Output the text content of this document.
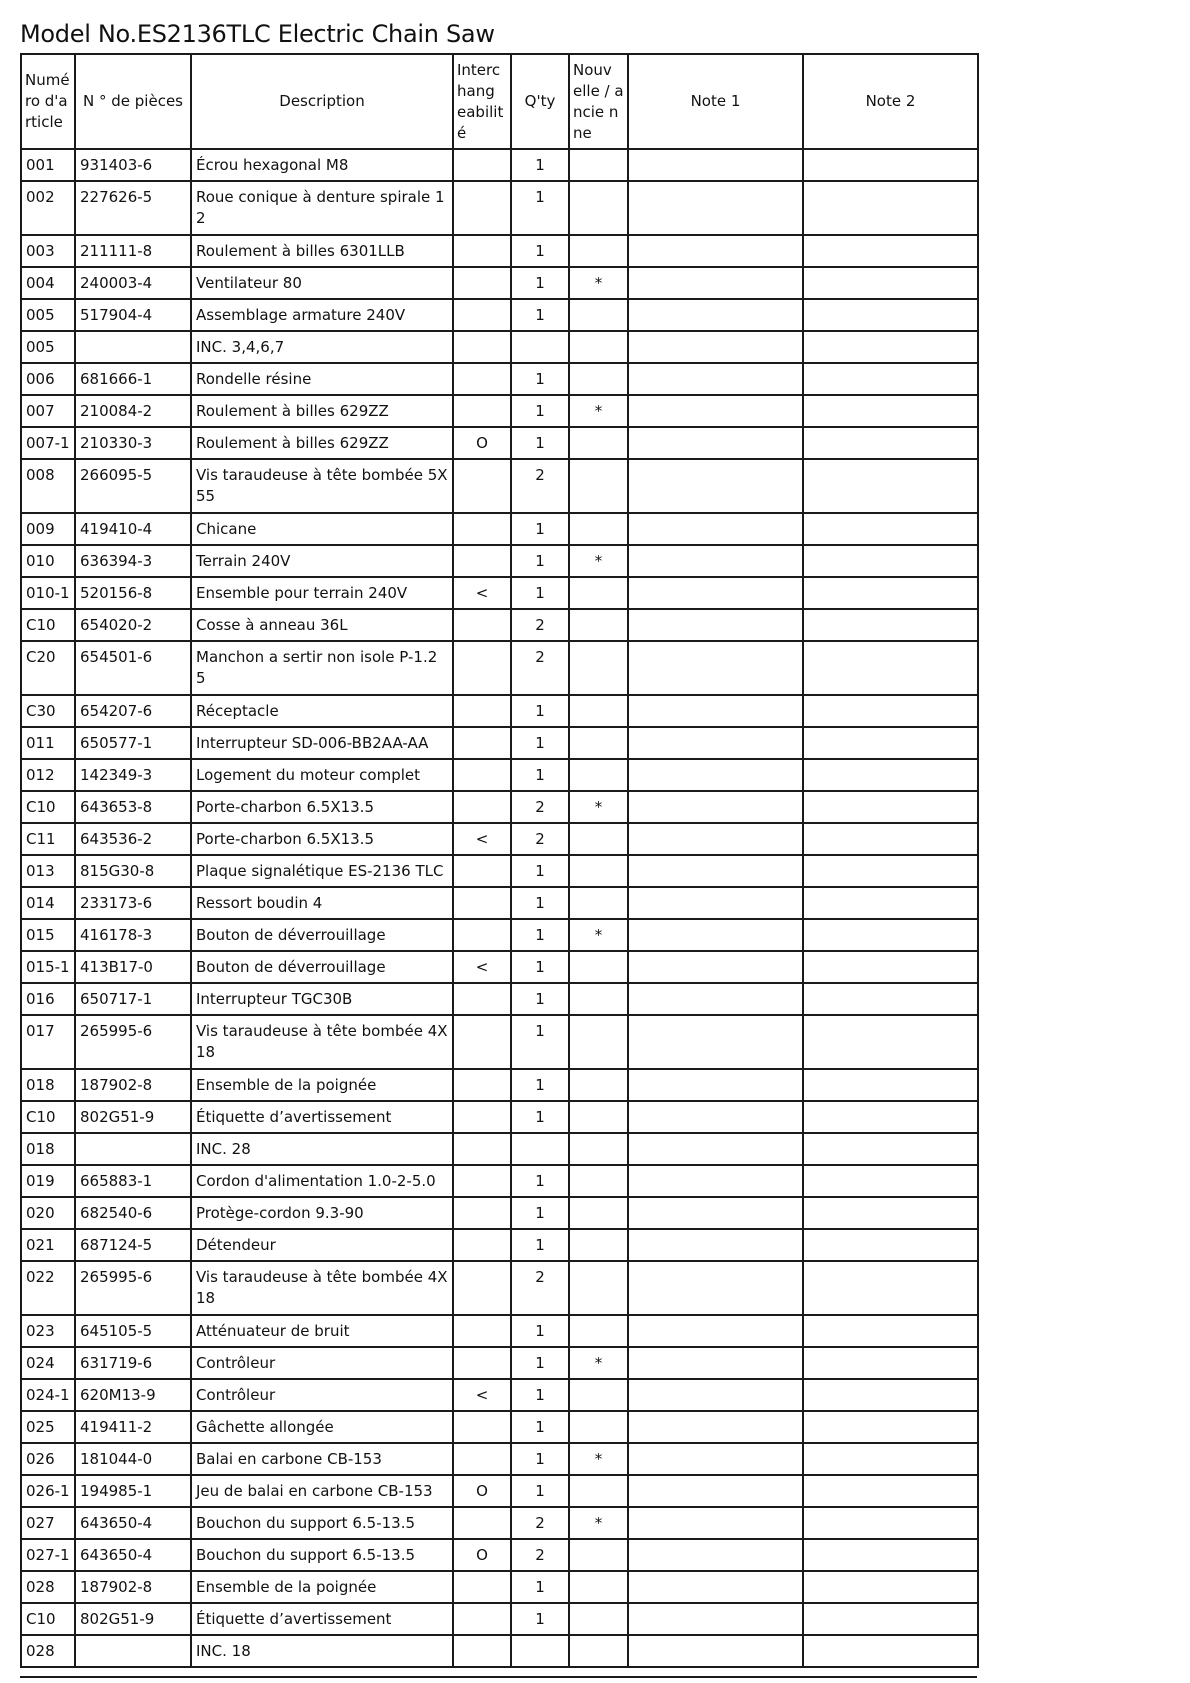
Model No.ES2136TLC Electric Chain Saw
Numé ro d'a rticle	N ° de pièces	Description	Interc hang eabilit é	Q'ty	Nouv elle / ancie nne	Note 1	Note 2
001	931403-6	Écrou hexagonal M8		1			
002	227626-5	Roue conique à denture spirale 1 2		1			
003	211111-8	Roulement à billes 6301LLB		1			
004	240003-4	Ventilateur 80		1	*		
005	517904-4	Assemblage armature 240V		1			
005		INC. 3,4,6,7					
006	681666-1	Rondelle résine		1			
007	210084-2	Roulement à billes 629ZZ		1	*		
007-1	210330-3	Roulement à billes 629ZZ	O	1			
008	266095-5	Vis taraudeuse à tête bombée 5X 55		2			
009	419410-4	Chicane		1			
010	636394-3	Terrain 240V		1	*		
010-1	520156-8	Ensemble pour terrain 240V	<	1			
C10	654020-2	Cosse à anneau 36L		2			
C20	654501-6	Manchon a sertir non isole P-1.2 5		2			
C30	654207-6	Réceptacle		1			
011	650577-1	Interrupteur SD-006-BB2AA-AA		1			
012	142349-3	Logement du moteur complet		1			
C10	643653-8	Porte-charbon 6.5X13.5		2	*		
C11	643536-2	Porte-charbon 6.5X13.5	<	2			
013	815G30-8	Plaque signalétique ES-2136 TLC		1			
014	233173-6	Ressort boudin 4		1			
015	416178-3	Bouton de déverrouillage		1	*		
015-1	413B17-0	Bouton de déverrouillage	<	1			
016	650717-1	Interrupteur TGC30B		1			
017	265995-6	Vis taraudeuse à tête bombée 4X 18		1			
018	187902-8	Ensemble de la poignée		1			
C10	802G51-9	Étiquette d’avertissement		1			
018		INC. 28					
019	665883-1	Cordon d'alimentation 1.0-2-5.0		1			
020	682540-6	Protège-cordon 9.3-90		1			
021	687124-5	Détendeur		1			
022	265995-6	Vis taraudeuse à tête bombée 4X 18		2			
023	645105-5	Atténuateur de bruit		1			
024	631719-6	Contrôleur		1	*		
024-1	620M13-9	Contrôleur	<	1			
025	419411-2	Gâchette allongée		1			
026	181044-0	Balai en carbone CB-153		1	*		
026-1	194985-1	Jeu de balai en carbone CB-153	O	1			
027	643650-4	Bouchon du support 6.5-13.5		2	*		
027-1	643650-4	Bouchon du support 6.5-13.5	O	2			
028	187902-8	Ensemble de la poignée		1			
C10	802G51-9	Étiquette d’avertissement		1			
028		INC. 18					
